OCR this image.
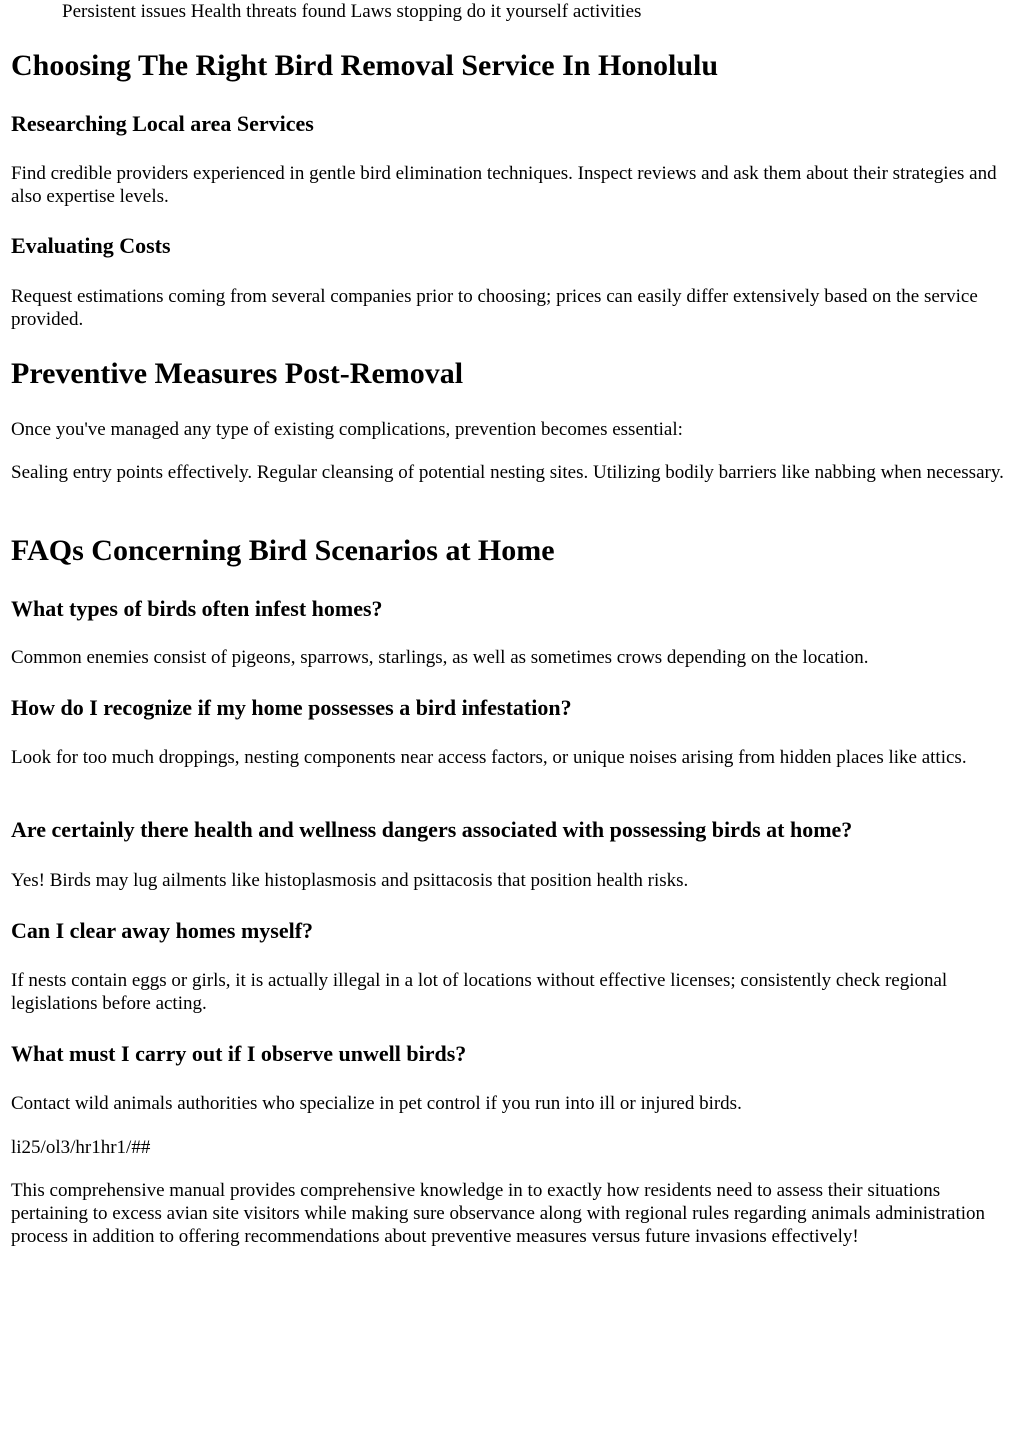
Persistent issues Health threats found Laws stopping do it yourself activities
Choosing The Right Bird Removal Service In Honolulu
Researching Local area Services

Find credible providers experienced in gentle bird elimination techniques. Inspect reviews and ask them about their strategies and also expertise levels.

Evaluating Costs

Request estimations coming from several companies prior to choosing; prices can easily differ extensively based on the service provided.

Preventive Measures Post-Removal

Once you've managed any type of existing complications, prevention becomes essential:

Sealing entry points effectively. Regular cleansing of potential nesting sites. Utilizing bodily barriers like nabbing when necessary.

FAQs Concerning Bird Scenarios at Home
What types of birds often infest homes?

Common enemies consist of pigeons, sparrows, starlings, as well as sometimes crows depending on the location.

How do I recognize if my home possesses a bird infestation?

Look for too much droppings, nesting components near access factors, or unique noises arising from hidden places like attics.

Are certainly there health and wellness dangers associated with possessing birds at home?

Yes! Birds may lug ailments like histoplasmosis and psittacosis that position health risks.

Can I clear away homes myself?

If nests contain eggs or girls, it is actually illegal in a lot of locations without effective licenses; consistently check regional legislations before acting.

What must I carry out if I observe unwell birds?

Contact wild animals authorities who specialize in pet control if you run into ill or injured birds.

li25/ol3/hr1hr1/##

This comprehensive manual provides comprehensive knowledge in to exactly how residents need to assess their situations pertaining to excess avian site visitors while making sure observance along with regional rules regarding animals administration process in addition to offering recommendations about preventive measures versus future invasions effectively!
